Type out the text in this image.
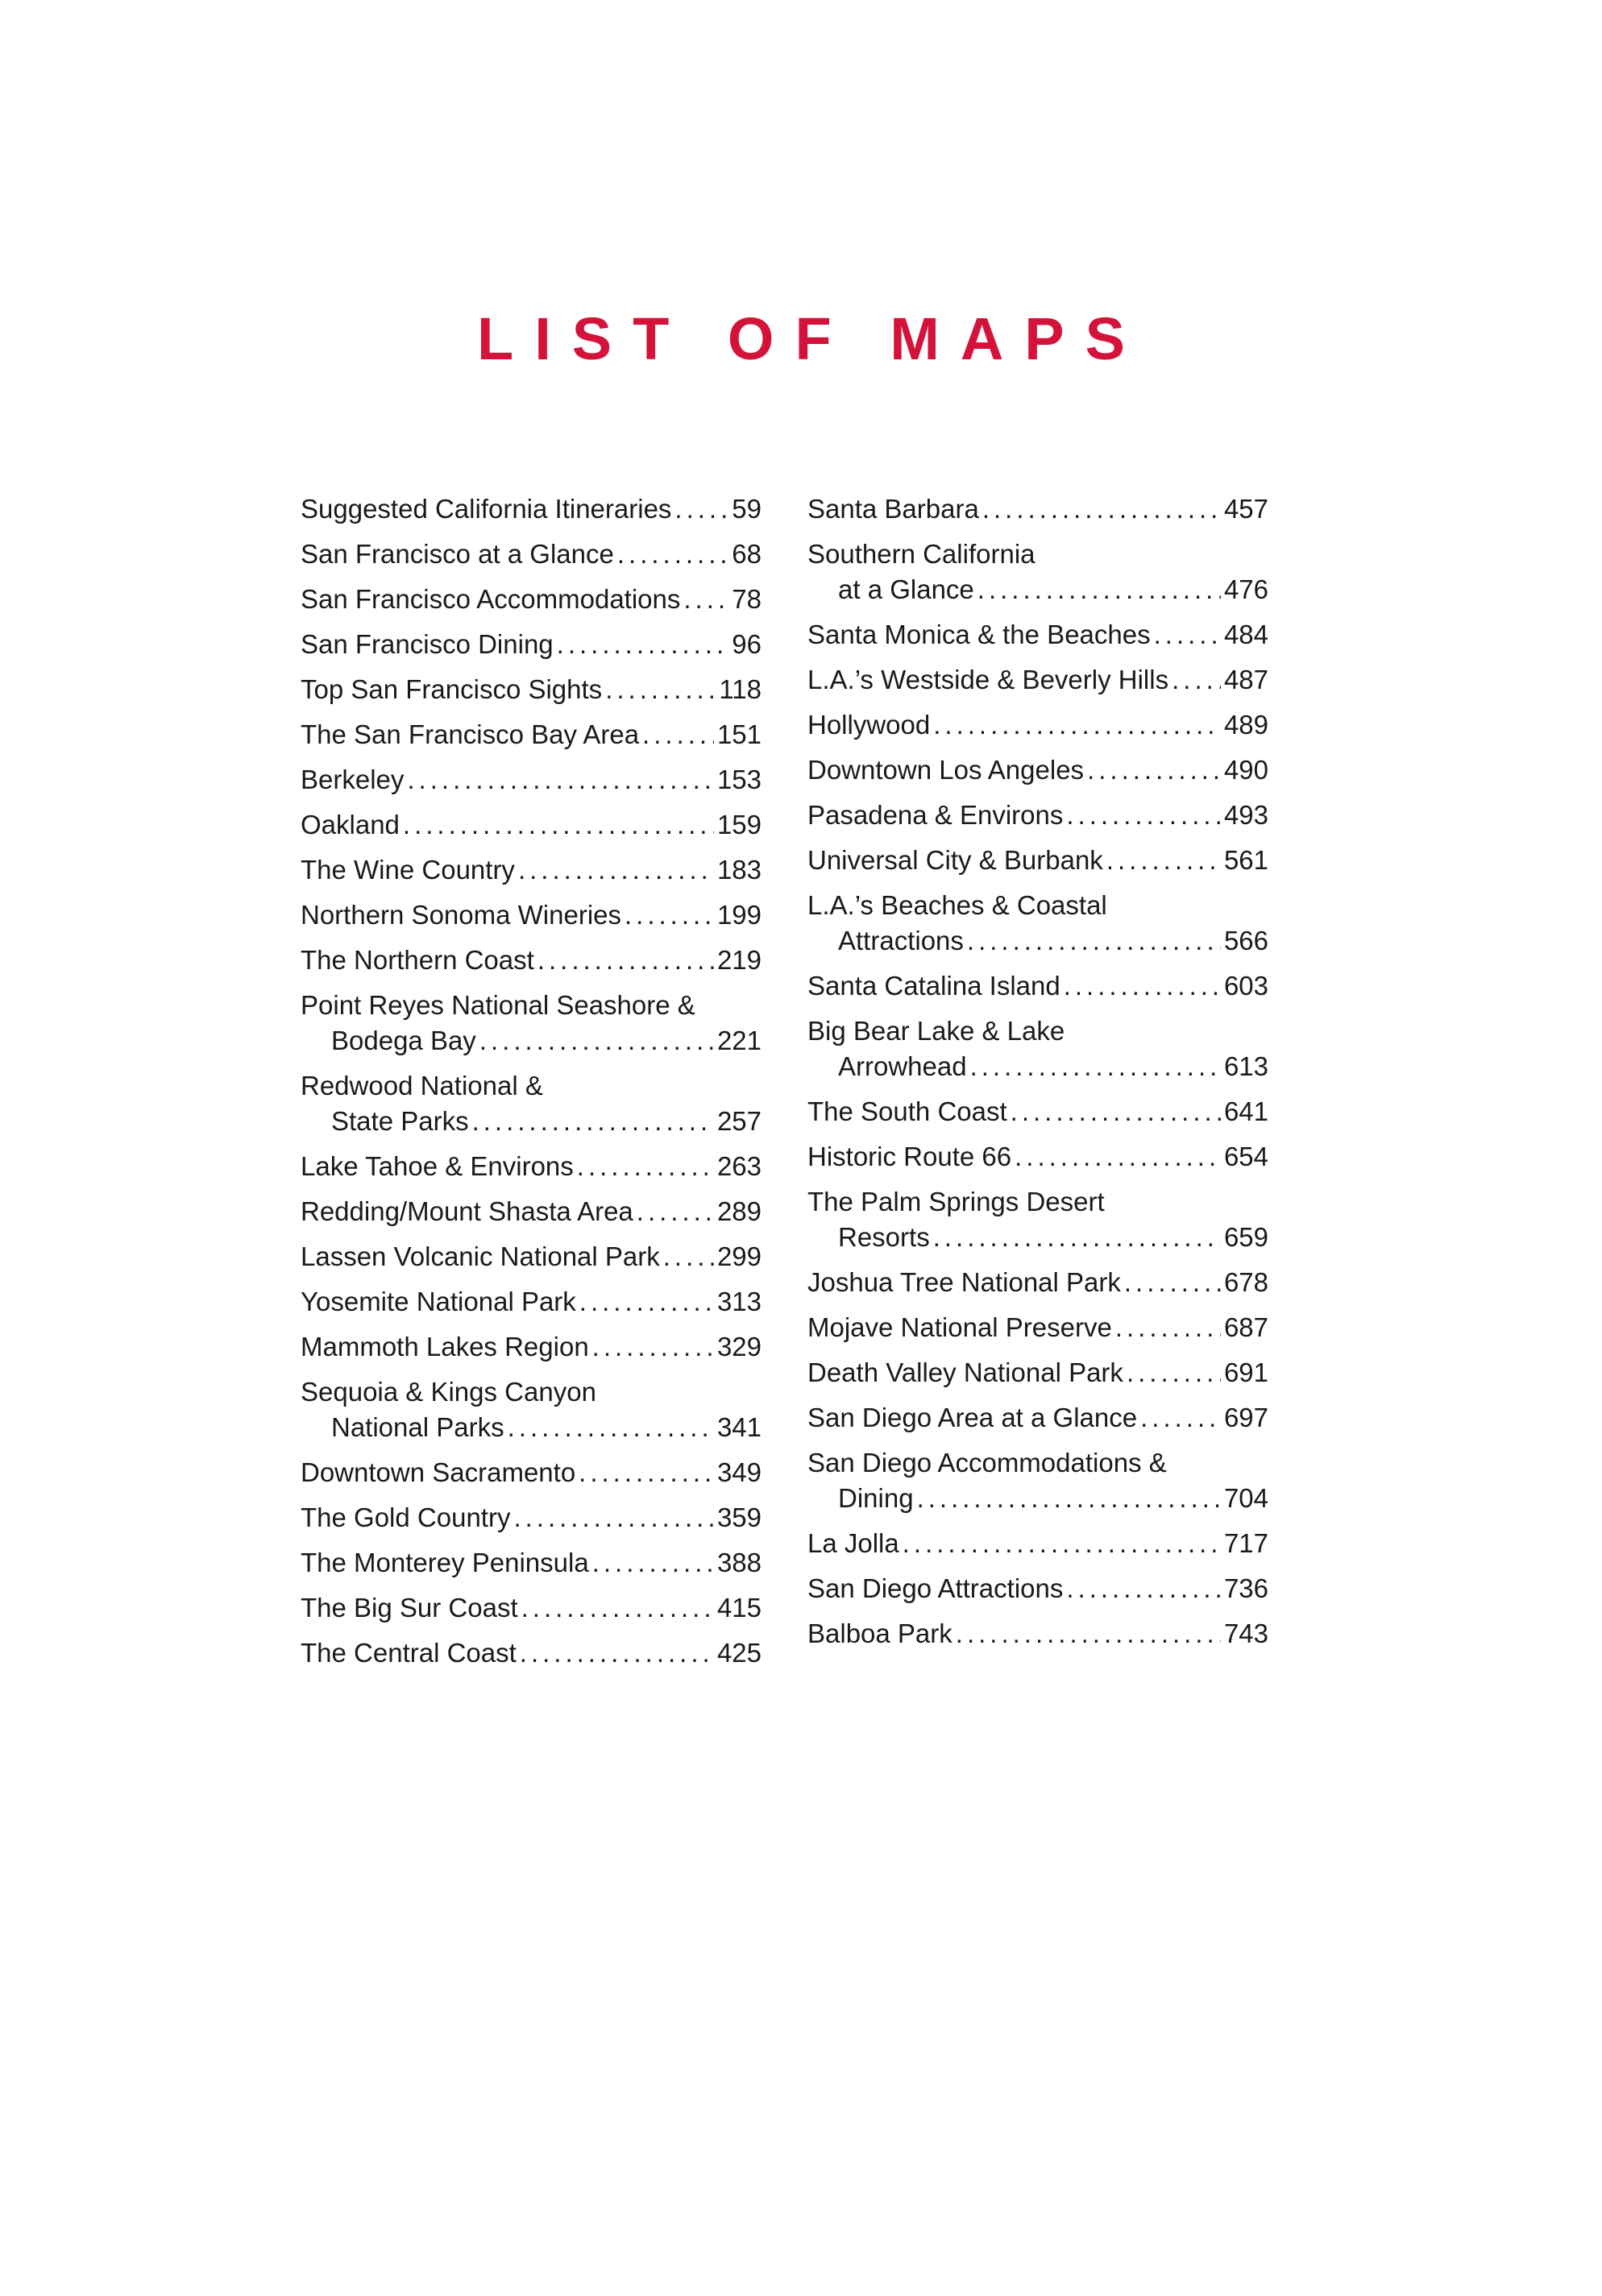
LIST OF MAPS
Suggested California Itineraries ..... 59
San Francisco at a Glance .....	68
San Francisco Accommodations ..... 78
San Francisco Dining .....	96
Top San Francisco Sights .....	118
The San Francisco Bay Area .....	151
Berkeley .....	153
Oakland .....	159
The Wine Country .....	183
Northern Sonoma Wineries .....	199
The Northern Coast .....	219
Point Reyes National Seashore &
Bodega Bay .....	221
Redwood National &
State Parks .....	257
Lake Tahoe & Environs .....	263
Redding/Mount Shasta Area .....	289
Lassen Volcanic National Park ..... 299
Yosemite National Park .....	313
Mammoth Lakes Region .....	329
Sequoia & Kings Canyon
National Parks .....	341
Downtown Sacramento .....	349
The Gold Country .....	359
The Monterey Peninsula .....	388
The Big Sur Coast .....	415
The Central Coast .....	425
Santa Barbara .....	457
Southern California
at a Glance .....	476
Santa Monica & the Beaches .....	484
L.A.’s Westside & Beverly Hills ..... 487
Hollywood .....	489
Downtown Los Angeles .....	490
Pasadena & Environs .....	493
Universal City & Burbank .....	561
L.A.’s Beaches & Coastal
Attractions .....	566
Santa Catalina Island .....	603
Big Bear Lake & Lake
Arrowhead .....	613
The South Coast .....	641
Historic Route 66 .....	654
The Palm Springs Desert
Resorts .....	659
Joshua Tree National Park .....	678
Mojave National Preserve .....	687
Death Valley National Park .....	691
San Diego Area at a Glance .....	697
San Diego Accommodations &
Dining .....	704
La Jolla .....	717
San Diego Attractions .....	736
Balboa Park .....	743
